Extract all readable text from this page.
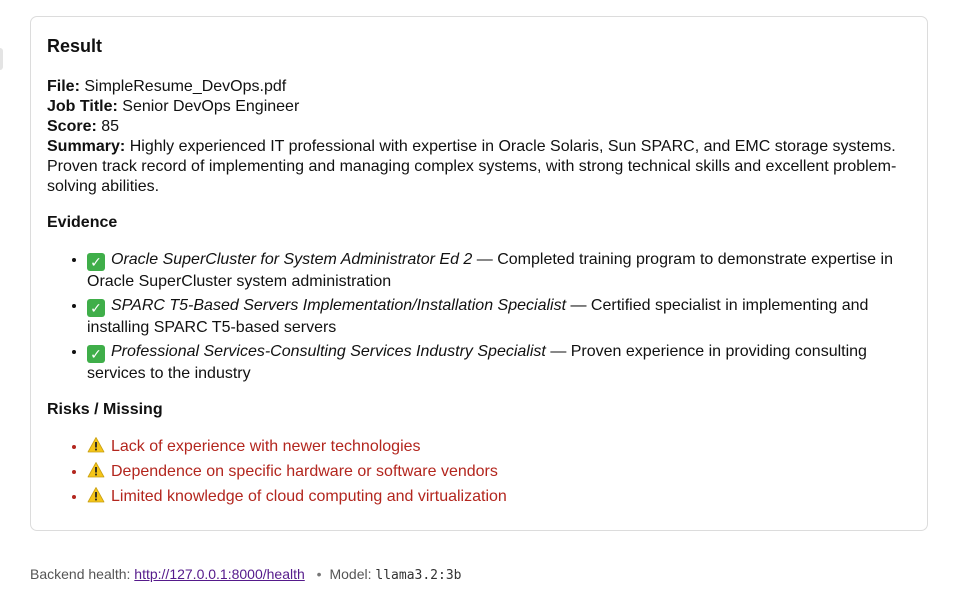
Result
File: SimpleResume_DevOps.pdf
Job Title: Senior DevOps Engineer
Score: 85
Summary: Highly experienced IT professional with expertise in Oracle Solaris, Sun SPARC, and EMC storage systems. Proven track record of implementing and managing complex systems, with strong technical skills and excellent problem-solving abilities.
Evidence
• ✓ Oracle SuperCluster for System Administrator Ed 2 — Completed training program to demonstrate expertise in Oracle SuperCluster system administration
• ✓ SPARC T5-Based Servers Implementation/Installation Specialist — Certified specialist in implementing and installing SPARC T5-based servers
• ✓ Professional Services-Consulting Services Industry Specialist — Proven experience in providing consulting services to the industry
Risks / Missing
• Lack of experience with newer technologies
• Dependence on specific hardware or software vendors
• Limited knowledge of cloud computing and virtualization
Backend health: http://127.0.0.1:8000/health • Model: llama3.2:3b
